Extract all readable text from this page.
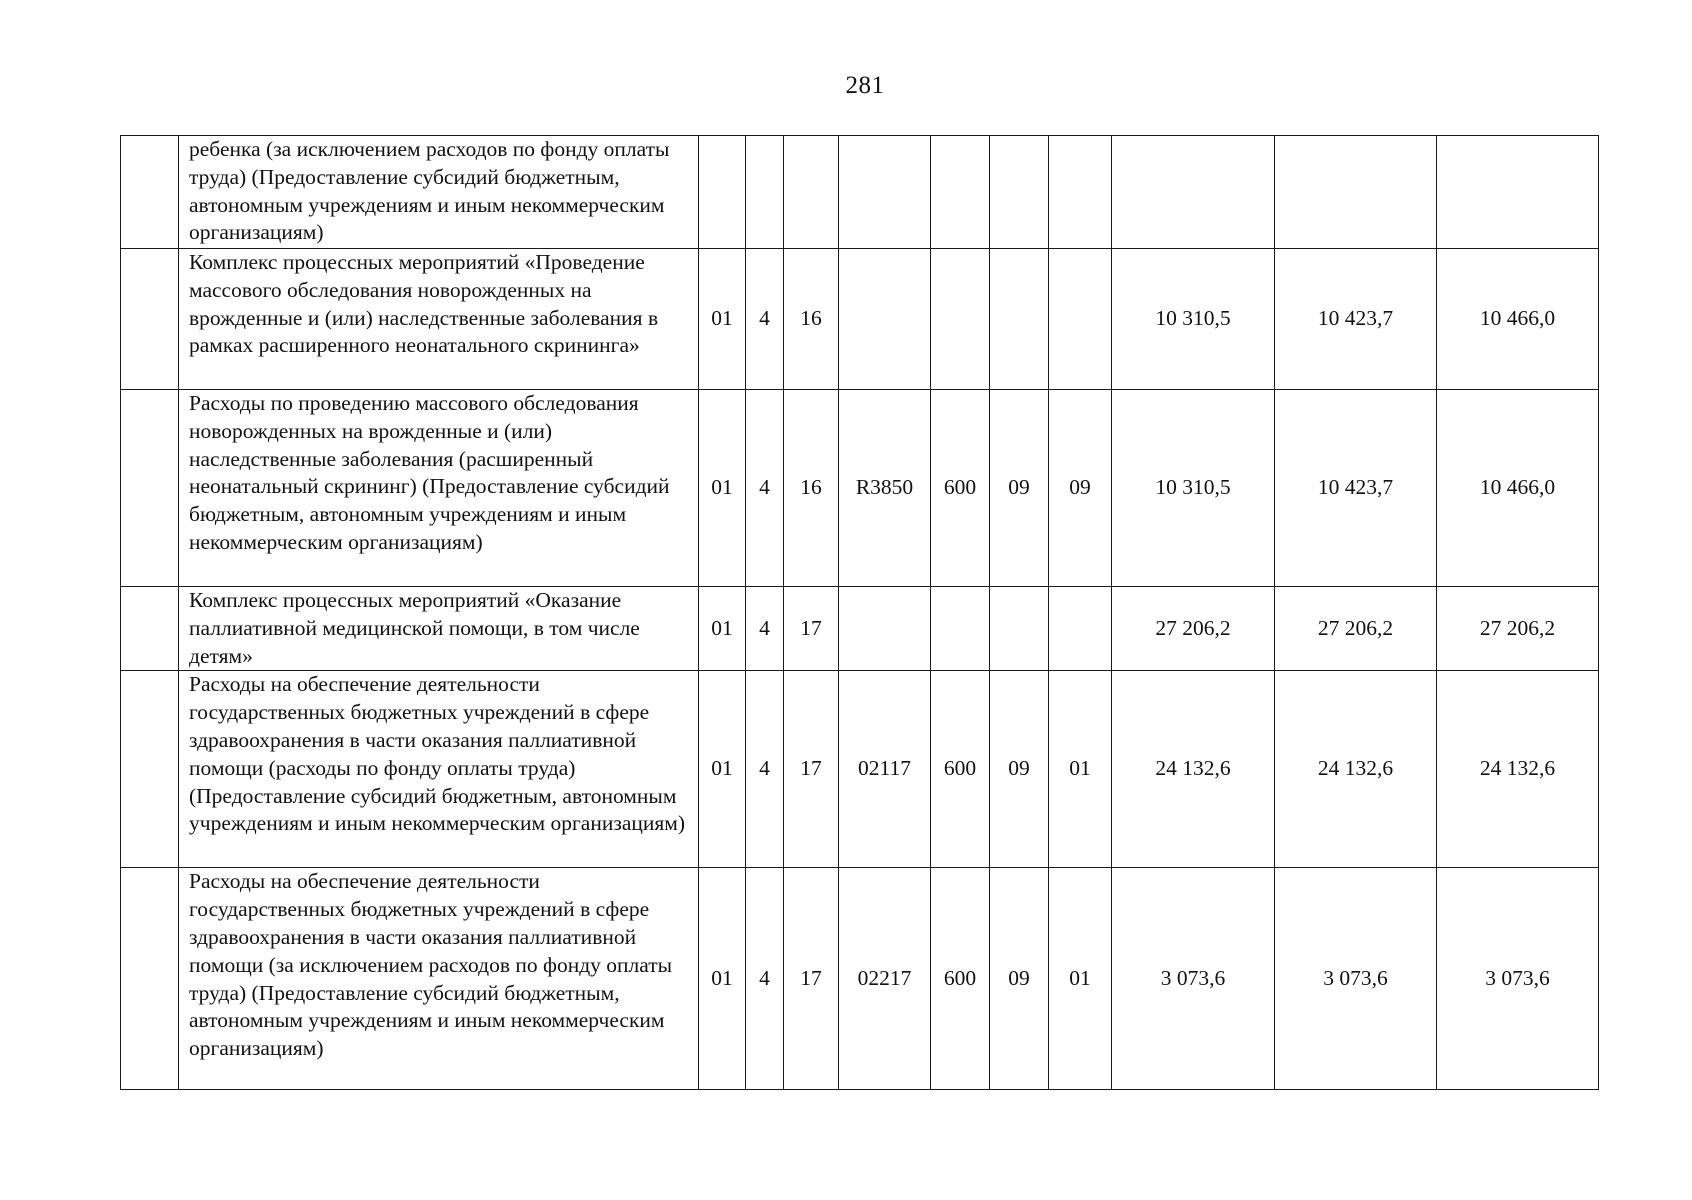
281
	ребенка (за исключением расходов по фонду оплаты труда) (Предоставление субсидий бюджетным, автономным учреждениям и иным некоммерческим организациям)										
	Комплекс процессных мероприятий «Проведение массового обследования новорожденных на врожденные и (или) наследственные заболевания в рамках расширенного неонатального скрининга»	01	4	16					10 310,5	10 423,7	10 466,0
	Расходы по проведению массового обследования новорожденных на врожденные и (или) наследственные заболевания (расширенный неонатальный скрининг) (Предоставление субсидий бюджетным, автономным учреждениям и иным некоммерческим организациям)	01	4	16	R3850	600	09	09	10 310,5	10 423,7	10 466,0
	Комплекс процессных мероприятий «Оказание паллиативной медицинской помощи, в том числе детям»	01	4	17					27 206,2	27 206,2	27 206,2
	Расходы на обеспечение деятельности государственных бюджетных учреждений в сфере здравоохранения в части оказания паллиативной помощи (расходы по фонду оплаты труда) (Предоставление субсидий бюджетным, автономным учреждениям и иным некоммерческим организациям)	01	4	17	02117	600	09	01	24 132,6	24 132,6	24 132,6
	Расходы на обеспечение деятельности государственных бюджетных учреждений в сфере здравоохранения в части оказания паллиативной помощи (за исключением расходов по фонду оплаты труда) (Предоставление субсидий бюджетным, автономным учреждениям и иным некоммерческим организациям)	01	4	17	02217	600	09	01	3 073,6	3 073,6	3 073,6
